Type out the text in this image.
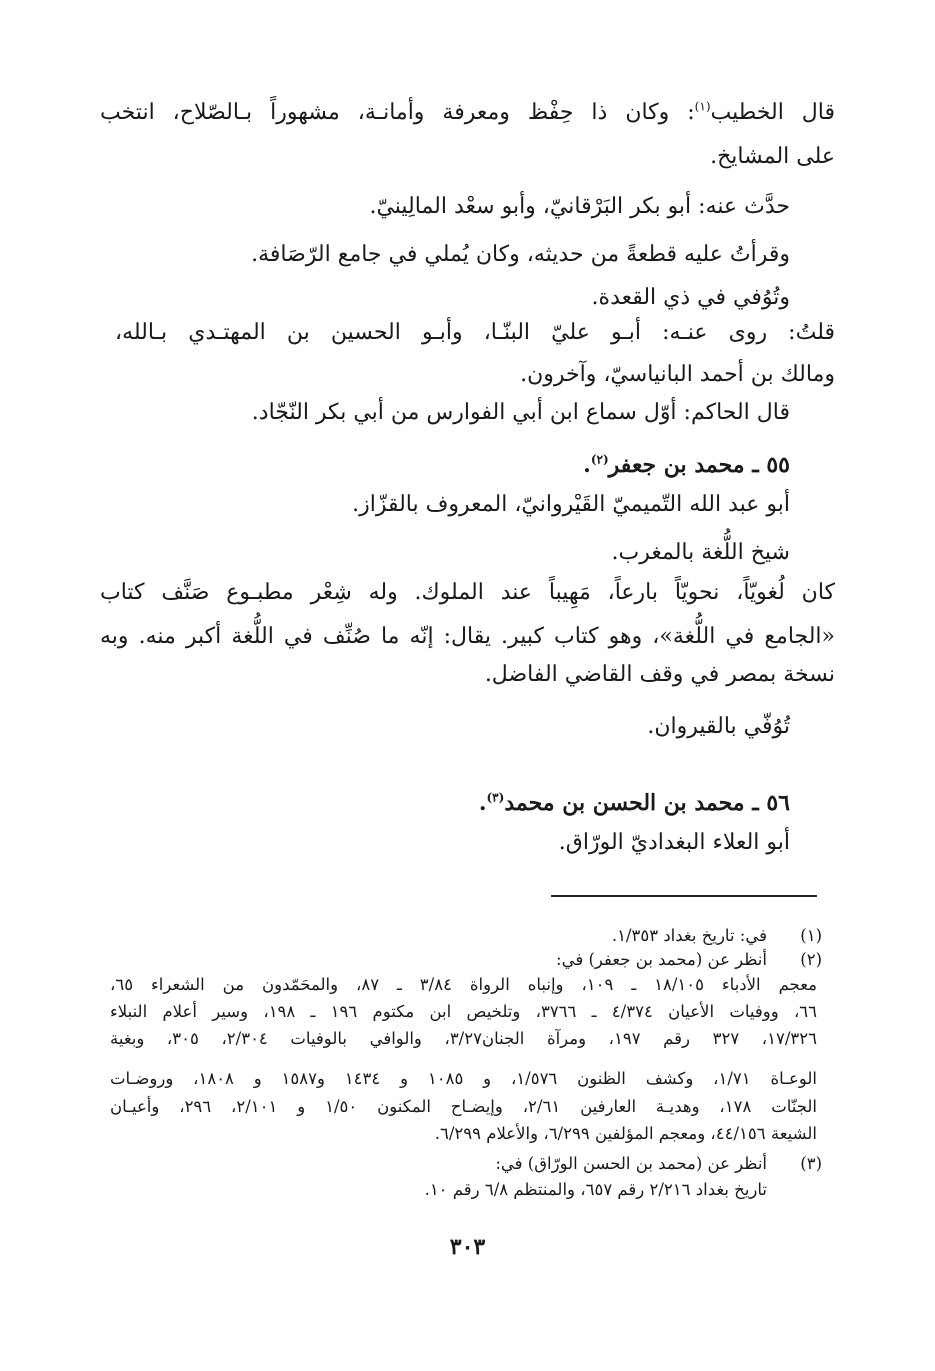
قال الخطيب$^{(١)}$: وكان ذا حِفْظ ومعرفة وأمانـة، مشهوراً بـالصّلاح، انتخب
على المشايخ.
حدَّث عنه: أبو بكر البَرْقانيّ، وأبو سعْد المالِينيّ.
وقرأتُ عليه قطعةً من حديثه، وكان يُملي في جامع الرّصَافة.
وتُوُفي في ذي القعدة.
قلتُ: روى عنـه: أبـو عليّ البنّـا، وأبـو الحسين بن المهتـدي بـالله،
ومالك بن أحمد البانياسيّ، وآخرون.
قال الحاكم: أوّل سماع ابن أبي الفوارس من أبي بكر النّجّاد.
٥٥ ـ محمد بن جعفر$^{(٢)}$.
أبو عبد الله التّميميّ القَيْروانيّ، المعروف بالقزّاز.
شيخ اللُّغة بالمغرب.
كان لُغويّاً، نحويّاً بارعاً، مَهِيباً عند الملوك. وله شِعْر مطبـوع صَنَّف كتاب
«الجامع في اللُّغة»، وهو كتاب كبير. يقال: إنّه ما صُنِّف في اللُّغة أكبر منه. وبه
نسخة بمصر في وقف القاضي الفاضل.
تُوُفّي بالقيروان.
٥٦ ـ محمد بن الحسن بن محمد$^{(٣)}$.
أبو العلاء البغداديّ الورّاق.
(١)
في: تاريخ بغداد ١/٣٥٣.
(٢)
أنظر عن (محمد بن جعفر) في:
معجم الأدباء ١٨/١٠٥ ـ ١٠٩، وإنباه الرواة ٣/٨٤ ـ ٨٧، والمحَمّدون من الشعراء ٦٥،
٦٦، ووفيات الأعيان ٤/٣٧٤ ـ ٣٧٦٦، وتلخيص ابن مكتوم ١٩٦ ـ ١٩٨، وسير أعلام النبلاء
١٧/٣٢٦، ٣٢٧ رقم ١٩٧، ومرآة الجنان٣/٢٧، والوافي بالوفيات ٢/٣٠٤، ٣٠٥، وبغية
الوعـاة ١/٧١، وكشف الظنون ١/٥٧٦، و ١٠٨٥ و ١٤٣٤ و١٥٨٧ و ١٨٠٨، وروضـات
الجنّات ١٧٨، وهديـة العارفين ٢/٦١، وإيضـاح المكنون ١/٥٠ و ٢/١٠١، ٢٩٦، وأعيـان
الشيعة ٤٤/١٥٦، ومعجم المؤلفين ٦/٢٩٩، والأعلام ٦/٢٩٩.
(٣)
أنظر عن (محمد بن الحسن الورّاق) في:
تاريخ بغداد ٢/٢١٦ رقم ٦٥٧، والمنتظم ٦/٨ رقم ١٠.
٣٠٣
